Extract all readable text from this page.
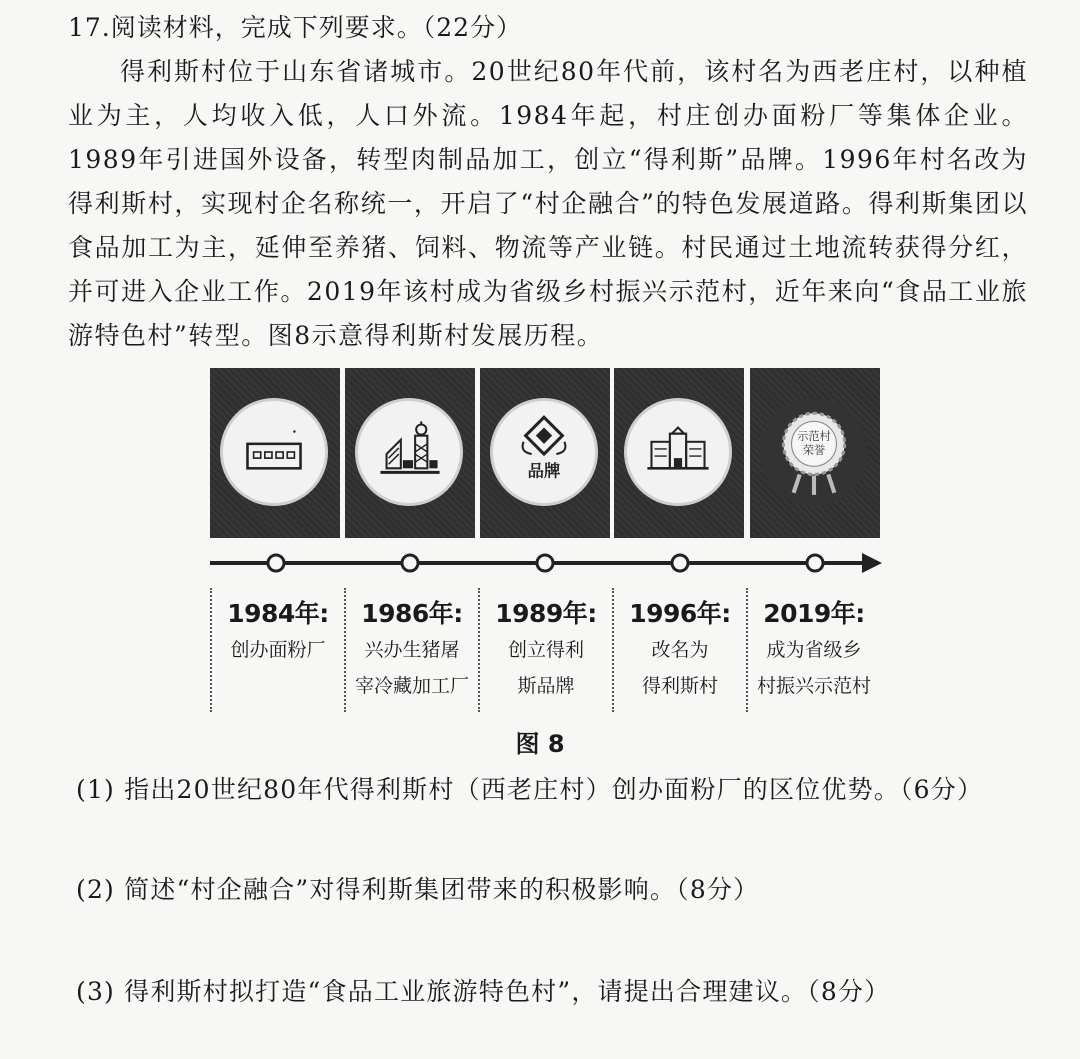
17.阅读材料，完成下列要求。（22分）

得利斯村位于山东省诸城市。20世纪80年代前，该村名为西老庄村，以种植业为主，人均收入低，人口外流。1984年起，村庄创办面粉厂等集体企业。1989年引进国外设备，转型肉制品加工，创立“得利斯”品牌。1996年村名改为得利斯村，实现村企名称统一，开启了“村企融合”的特色发展道路。得利斯集团以食品加工为主，延伸至养猪、饲料、物流等产业链。村民通过土地流转获得分红，并可进入企业工作。2019年该村成为省级乡村振兴示范村，近年来向“食品工业旅游特色村”转型。图8示意得利斯村发展历程。

品牌
示范村
荣誉
1984年:
创办面粉厂
1986年:
兴办生猪屠
宰冷藏加工厂
1989年:
创立得利
斯品牌
1996年:
改名为
得利斯村
2019年:
成为省级乡
村振兴示范村
图 8
(1) 指出20世纪80年代得利斯村（西老庄村）创办面粉厂的区位优势。（6分）
(2) 简述“村企融合”对得利斯集团带来的积极影响。（8分）
(3) 得利斯村拟打造“食品工业旅游特色村”，请提出合理建议。（8分）
